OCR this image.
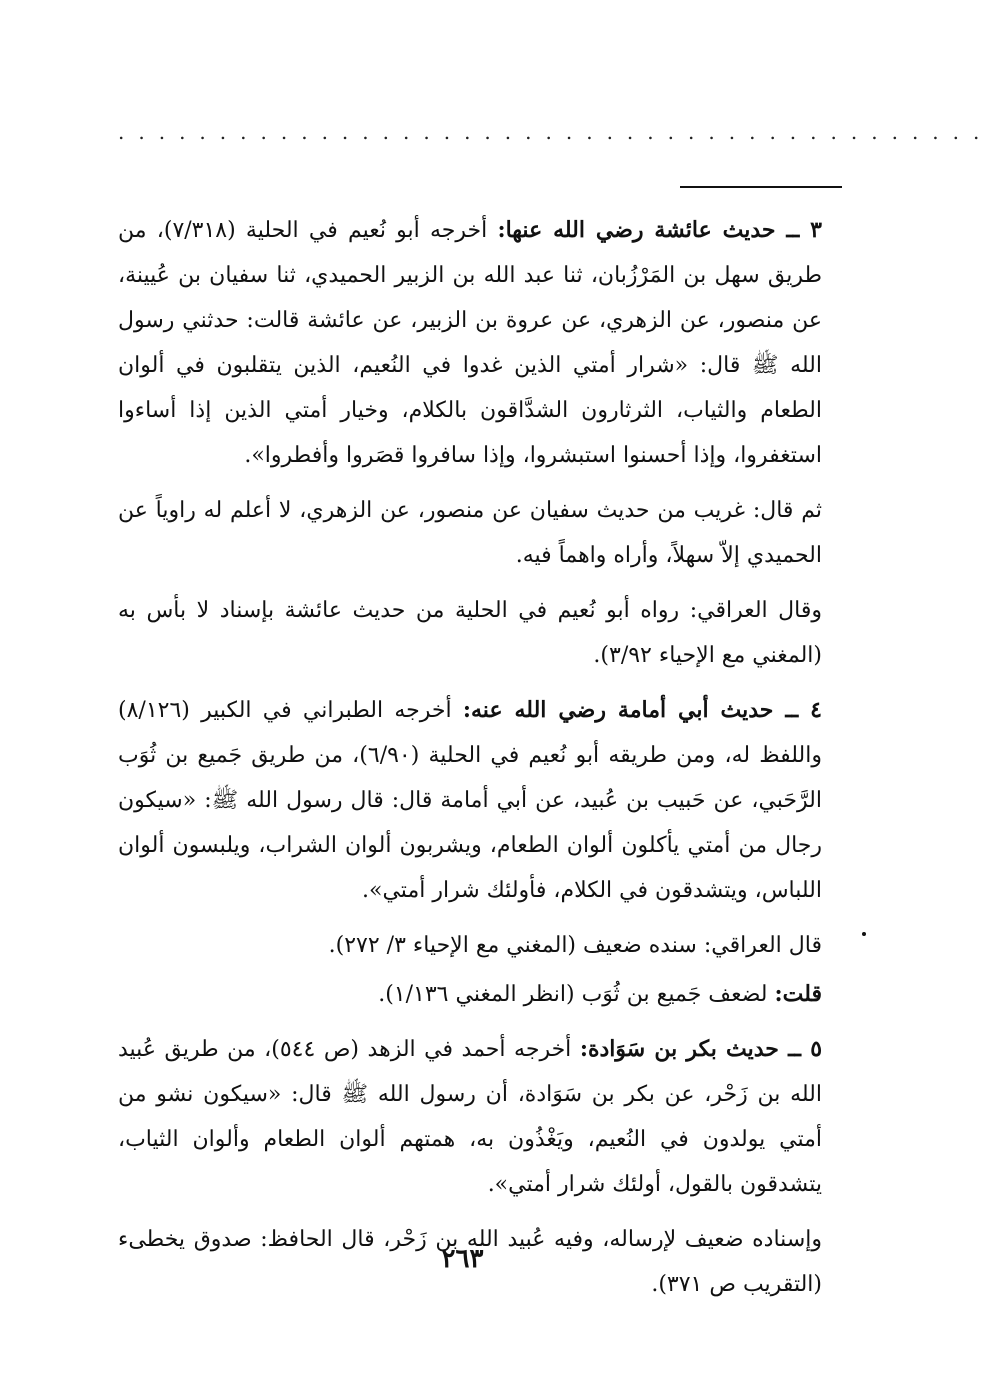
...........................................

٣ ــ حديث عائشة رضي الله عنها: أخرجه أبو نُعيم في الحلية (٧/٣١٨)، من طريق سهل بن المَرْزُبان، ثنا عبد الله بن الزبير الحميدي، ثنا سفيان بن عُيينة، عن منصور، عن الزهري، عن عروة بن الزبير، عن عائشة قالت: حدثني رسول الله ﷺ قال: «شرار أمتي الذين غدوا في النُعيم، الذين يتقلبون في ألوان الطعام والثياب، الثرثارون الشدَّاقون بالكلام، وخيار أمتي الذين إذا أساءوا استغفروا، وإذا أحسنوا استبشروا، وإذا سافروا قصَروا وأفطروا».

ثم قال: غريب من حديث سفيان عن منصور، عن الزهري، لا أعلم له راوياً عن الحميدي إلاّ سهلاً، وأراه واهماً فيه.

وقال العراقي: رواه أبو نُعيم في الحلية من حديث عائشة بإسناد لا بأس به (المغني مع الإحياء ٣/٩٢).

٤ ــ حديث أبي أمامة رضي الله عنه: أخرجه الطبراني في الكبير (٨/١٢٦) واللفظ له، ومن طريقه أبو نُعيم في الحلية (٦/٩٠)، من طريق جَميع بن ثُوَب الرَّحَبي، عن حَبيب بن عُبيد، عن أبي أمامة قال: قال رسول الله ﷺ: «سيكون رجال من أمتي يأكلون ألوان الطعام، ويشربون ألوان الشراب، ويلبسون ألوان اللباس، ويتشدقون في الكلام، فأولئك شرار أمتي».

قال العراقي: سنده ضعيف (المغني مع الإحياء ٣/ ٢٧٢).

قلت: لضعف جَميع بن ثُوَب (انظر المغني ١/١٣٦).

٥ ــ حديث بكر بن سَوَادة: أخرجه أحمد في الزهد (ص ٥٤٤)، من طريق عُبيد الله بن زَحْر، عن بكر بن سَوَادة، أن رسول الله ﷺ قال: «سيكون نشو من أمتي يولدون في النُعيم، ويَغْذُون به، همتهم ألوان الطعام وألوان الثياب، يتشدقون بالقول، أولئك شرار أمتي».

وإسناده ضعيف لإرساله، وفيه عُبيد الله بن زَحْر، قال الحافظ: صدوق يخطىء (التقريب ص ٣٧١).

٢٦٣
